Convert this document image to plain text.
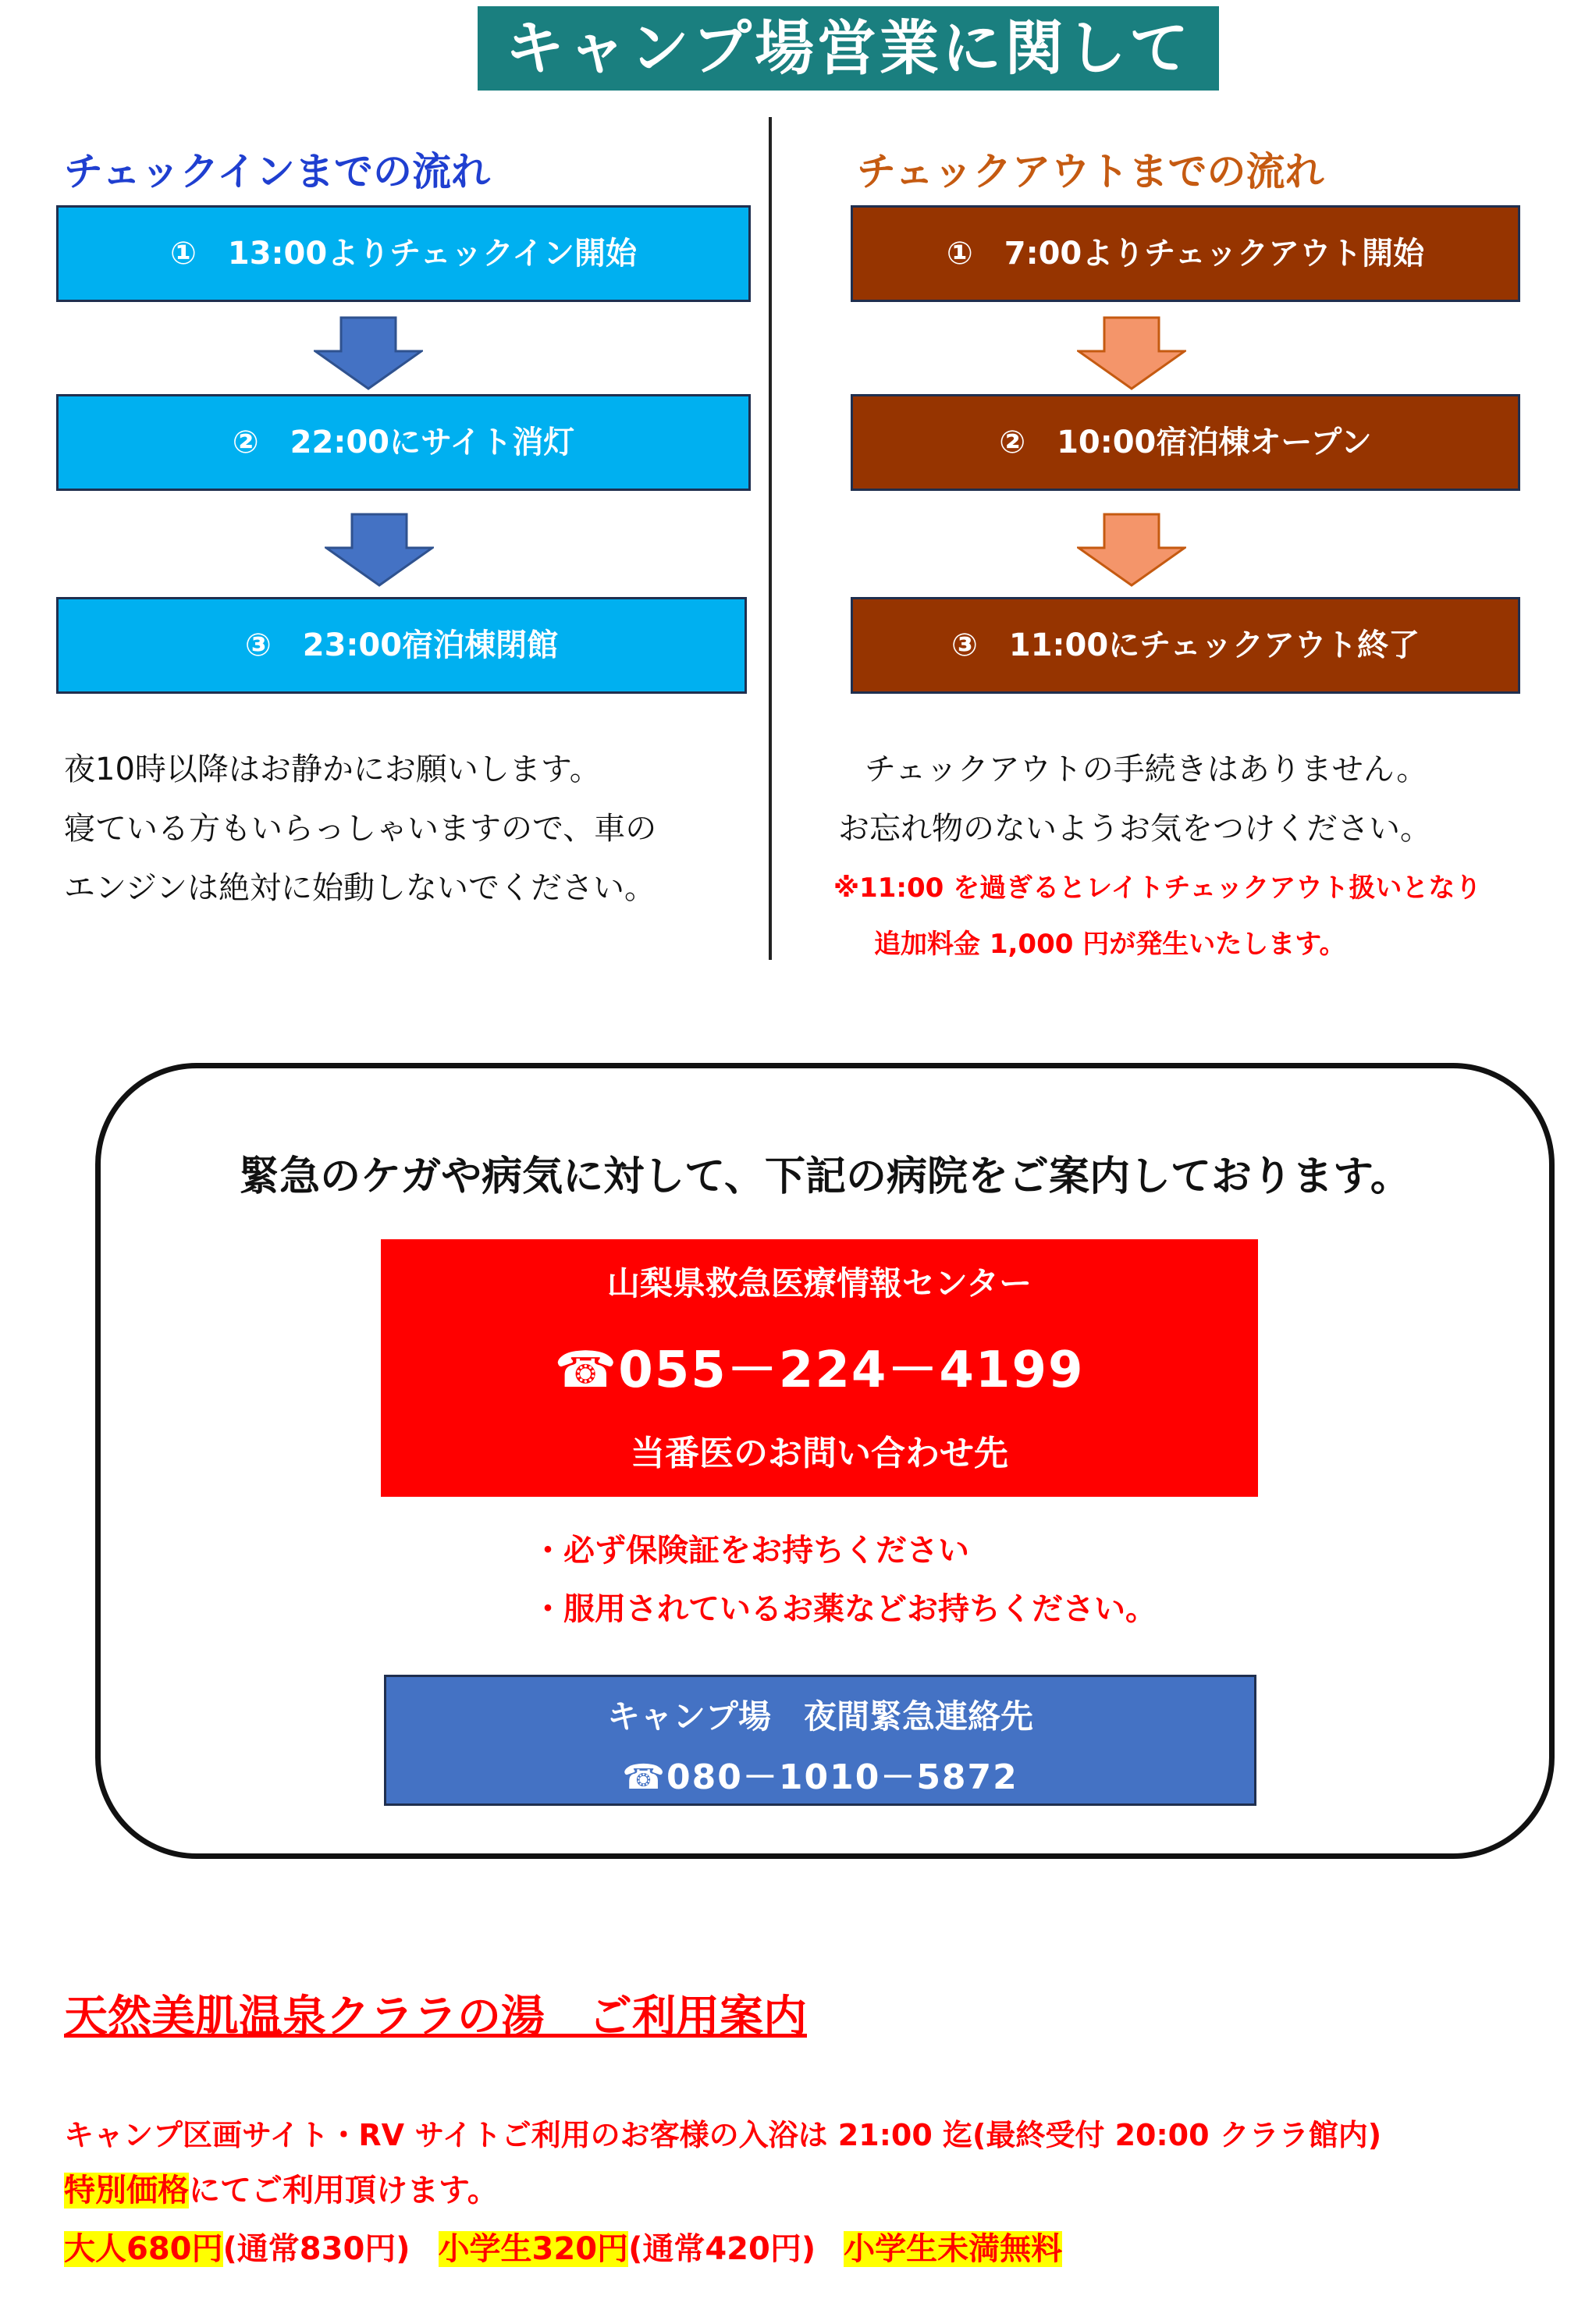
キャンプ場営業に関して
チェックインまでの流れ
①　13:00よりチェックイン開始
②　22:00にサイト消灯
③　23:00宿泊棟閉館
夜10時以降はお静かにお願いします。
寝ている方もいらっしゃいますので、車の
エンジンは絶対に始動しないでください。
チェックアウトまでの流れ
①　7:00よりチェックアウト開始
②　10:00宿泊棟オープン
③　11:00にチェックアウト終了
チェックアウトの手続きはありません。
お忘れ物のないようお気をつけください。
※11:00 を過ぎるとレイトチェックアウト扱いとなり
追加料金 1,000 円が発生いたします。
緊急のケガや病気に対して、下記の病院をご案内しております。
山梨県救急医療情報センター
☎055－224－4199
当番医のお問い合わせ先
・必ず保険証をお持ちください
・服用されているお薬などお持ちください。
キャンプ場　夜間緊急連絡先
☎080－1010－5872
天然美肌温泉クララの湯　ご利用案内
キャンプ区画サイト・RV サイトご利用のお客様の入浴は 21:00 迄(最終受付 20:00 クララ館内)
特別価格にてご利用頂けます。
大人680円(通常830円) 小学生320円(通常420円) 小学生未満無料
